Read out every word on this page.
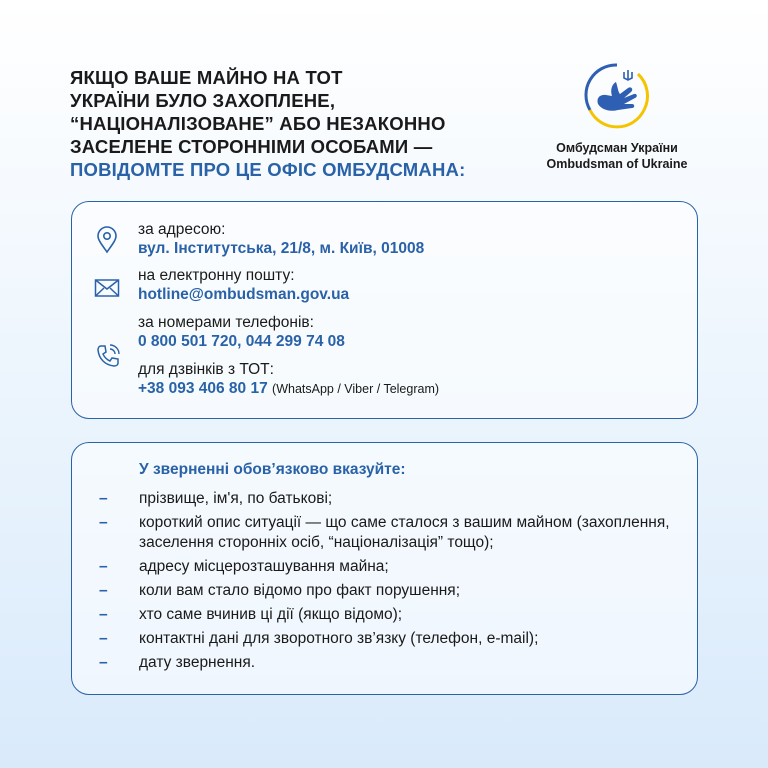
ЯКЩО ВАШЕ МАЙНО НА ТОТ
УКРАЇНИ БУЛО ЗАХОПЛЕНЕ,
“НАЦІОНАЛІЗОВАНЕ” АБО НЕЗАКОННО
ЗАСЕЛЕНЕ СТОРОННІМИ ОСОБАМИ —
ПОВІДОМТЕ ПРО ЦЕ ОФІС ОМБУДСМАНА:
Омбудсман України
Ombudsman of Ukraine
за адресою:
вул. Інститутська, 21/8, м. Київ, 01008
на електронну пошту:
hotline@ombudsman.gov.ua
за номерами телефонів:
0 800 501 720, 044 299 74 08
для дзвінків з ТОТ:
+38 093 406 80 17 (WhatsApp / Viber / Telegram)
У зверненні обов’язково вказуйте:
– прізвище, ім'я, по батькові;
– короткий опис ситуації — що саме сталося з вашим майном (захоплення, заселення сторонніх осіб, “націоналізація” тощо);
– адресу місцерозташування майна;
– коли вам стало відомо про факт порушення;
– хто саме вчинив ці дії (якщо відомо);
– контактні дані для зворотного зв’язку (телефон, e-mail);
– дату звернення.
